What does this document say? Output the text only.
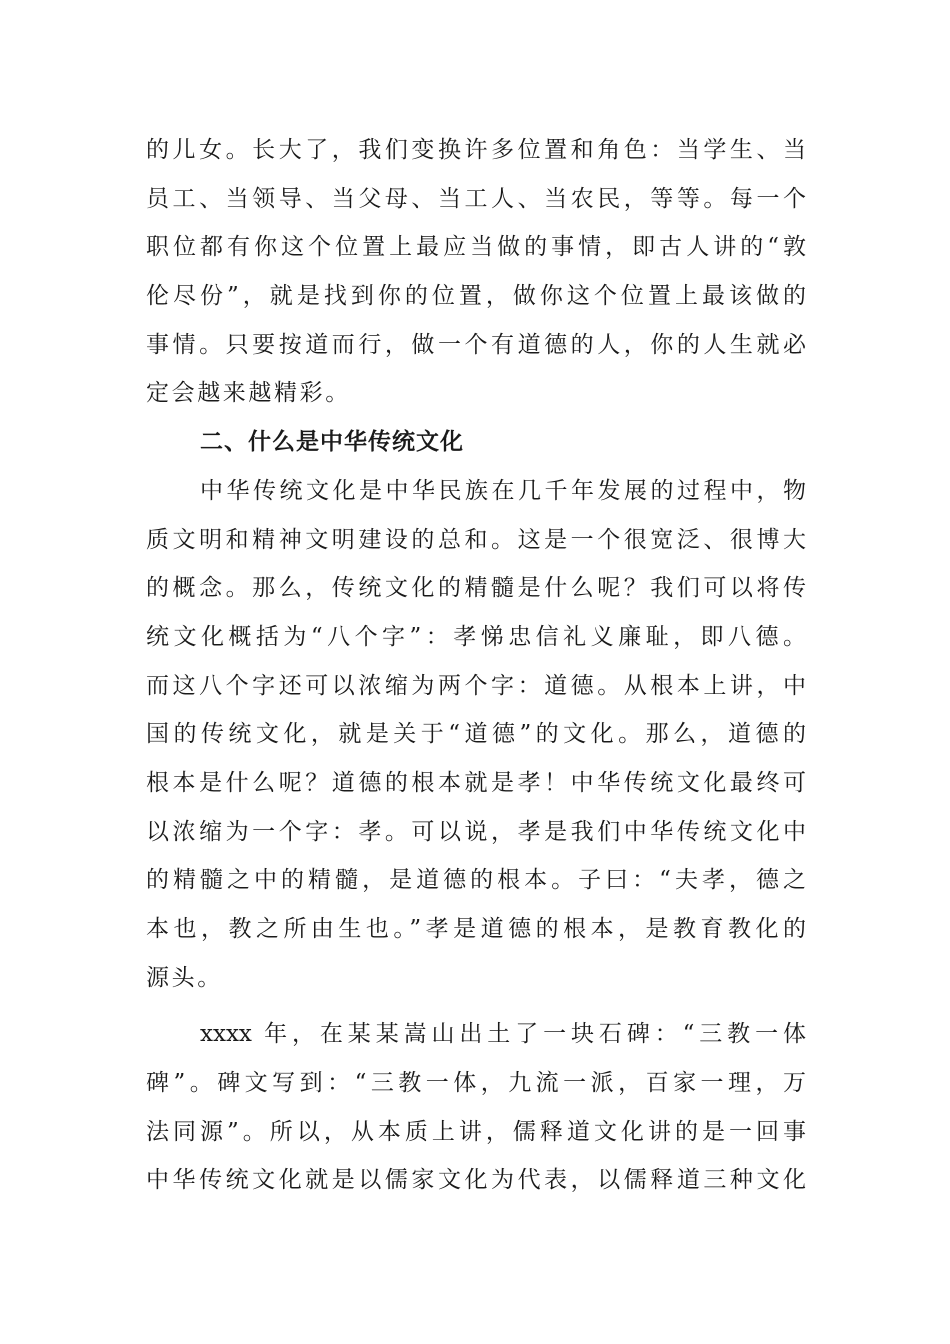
的儿女。长大了，我们变换许多位置和角色：当学生、当
员工、当领导、当父母、当工人、当农民，等等。每一个
职位都有你这个位置上最应当做的事情，即古人讲的“敦
伦尽份”，就是找到你的位置，做你这个位置上最该做的
事情。只要按道而行，做一个有道德的人，你的人生就必
定会越来越精彩。
二、什么是中华传统文化
中华传统文化是中华民族在几千年发展的过程中，物
质文明和精神文明建设的总和。这是一个很宽泛、很博大
的概念。那么，传统文化的精髓是什么呢？我们可以将传
统文化概括为“八个字”：孝悌忠信礼义廉耻，即八德。
而这八个字还可以浓缩为两个字：道德。从根本上讲，中
国的传统文化，就是关于“道德”的文化。那么，道德的
根本是什么呢？道德的根本就是孝！中华传统文化最终可
以浓缩为一个字：孝。可以说，孝是我们中华传统文化中
的精髓之中的精髓，是道德的根本。子曰：“夫孝，德之
本也，教之所由生也。”孝是道德的根本，是教育教化的
源头。
xxxx 年，在某某嵩山出土了一块石碑：“三教一体
碑”。碑文写到：“三教一体，九流一派，百家一理，万
法同源”。所以，从本质上讲，儒释道文化讲的是一回事
中华传统文化就是以儒家文化为代表，以儒释道三种文化
